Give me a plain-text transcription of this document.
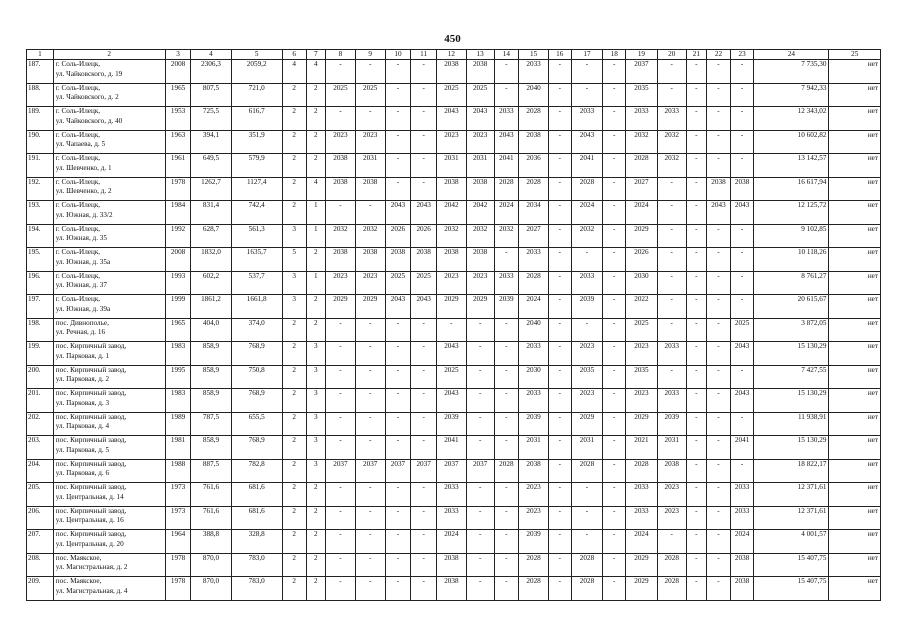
450
1	2	3	4	5	6	7	8	9	10	11	12	13	14	15	16	17	18	19	20	21	22	23	24	25
187.	г. Соль-Илецк,
ул. Чайковского, д. 19	2008	2306,3	2059,2	4	4	-	-	-	-	2038	2038	-	2033	-	-	-	2037	-	-	-	-	7 735,30	нет
188.	г. Соль-Илецк,
ул. Чайковского, д. 2	1965	807,5	721,0	2	2	2025	2025	-	-	2025	2025	-	2040	-	-	-	2035	-	-	-	-	7 942,33	нет
189.	г. Соль-Илецк,
ул. Чайковского, д. 40	1953	725,5	616,7	2	2	-	-	-	-	2043	2043	2033	2028	-	2033	-	2033	2033	-	-	-	12 343,02	нет
190.	г. Соль-Илецк,
ул. Чапаева, д. 5	1963	394,1	351,9	2	2	2023	2023	-	-	2023	2023	2043	2038	-	2043	-	2032	2032	-	-	-	10 602,82	нет
191.	г. Соль-Илецк,
ул. Шевченко, д. 1	1961	649,5	579,9	2	2	2038	2031	-	-	2031	2031	2041	2036	-	2041	-	2028	2032	-	-	-	13 142,57	нет
192.	г. Соль-Илецк,
ул. Шевченко, д. 2	1978	1262,7	1127,4	2	4	2038	2038	-	-	2038	2038	2028	2028	-	2028	-	2027	-	-	2038	2038	16 617,94	нет
193.	г. Соль-Илецк,
ул. Южная, д. 33/2	1984	831,4	742,4	2	1	-	-	2043	2043	2042	2042	2024	2034	-	2024	-	2024	-	-	2043	2043	12 125,72	нет
194.	г. Соль-Илецк,
ул. Южная, д. 35	1992	628,7	561,3	3	1	2032	2032	2026	2026	2032	2032	2032	2027	-	2032	-	2029	-	-	-	-	9 102,85	нет
195.	г. Соль-Илецк,
ул. Южная, д. 35а	2008	1832,0	1635,7	5	2	2038	2038	2038	2038	2038	2038	-	2033	-	-	-	2026	-	-	-	-	10 118,26	нет
196.	г. Соль-Илецк,
ул. Южная, д. 37	1993	602,2	537,7	3	1	2023	2023	2025	2025	2023	2023	2033	2028	-	2033	-	2030	-	-	-	-	8 761,27	нет
197.	г. Соль-Илецк,
ул. Южная, д. 39а	1999	1861,2	1661,8	3	2	2029	2029	2043	2043	2029	2029	2039	2024	-	2039	-	2022	-	-	-	-	20 615,67	нет
198.	пос. Дивнополье,
ул. Речная, д. 16	1965	404,0	374,0	2	2	-	-	-	-	-	-	-	2040	-	-	-	2025	-	-	-	2025	3 872,05	нет
199.	пос. Кирпичный завод,
ул. Парковая, д. 1	1983	858,9	768,9	2	3	-	-	-	-	2043	-	-	2033	-	2023	-	2023	2033	-	-	2043	15 130,29	нет
200.	пос. Кирпичный завод,
ул. Парковая, д. 2	1995	858,9	750,8	2	3	-	-	-	-	2025	-	-	2030	-	2035	-	2035	-	-	-	-	7 427,55	нет
201.	пос. Кирпичный завод,
ул. Парковая, д. 3	1983	858,9	768,9	2	3	-	-	-	-	2043	-	-	2033	-	2023	-	2023	2033	-	-	2043	15 130,29	нет
202.	пос. Кирпичный завод,
ул. Парковая, д. 4	1989	787,5	655,5	2	3	-	-	-	-	2039	-	-	2039	-	2029	-	2029	2039	-	-	-	11 938,91	нет
203.	пос. Кирпичный завод,
ул. Парковая, д. 5	1981	858,9	768,9	2	3	-	-	-	-	2041	-	-	2031	-	2031	-	2021	2031	-	-	2041	15 130,29	нет
204.	пос. Кирпичный завод,
ул. Парковая, д. 6	1988	887,5	782,8	2	3	2037	2037	2037	2037	2037	2037	2028	2038	-	2028	-	2028	2038	-	-	-	18 822,17	нет
205.	пос. Кирпичный завод,
ул. Центральная, д. 14	1973	761,6	681,6	2	2	-	-	-	-	2033	-	-	2023	-	-	-	2033	2023	-	-	2033	12 371,61	нет
206.	пос. Кирпичный завод,
ул. Центральная, д. 16	1973	761,6	681,6	2	2	-	-	-	-	2033	-	-	2023	-	-	-	2033	2023	-	-	2033	12 371,61	нет
207.	пос. Кирпичный завод,
ул. Центральная, д. 20	1964	388,8	328,8	2	2	-	-	-	-	2024	-	-	2039	-	-	-	2024	-	-	-	2024	4 001,57	нет
208.	пос. Маякское,
ул. Магистральная, д. 2	1978	870,0	783,0	2	2	-	-	-	-	2038	-	-	2028	-	2028	-	2029	2028	-	-	2038	15 407,75	нет
209.	пос. Маякское,
ул. Магистральная, д. 4	1978	870,0	783,0	2	2	-	-	-	-	2038	-	-	2028	-	2028	-	2029	2028	-	-	2038	15 407,75	нет
